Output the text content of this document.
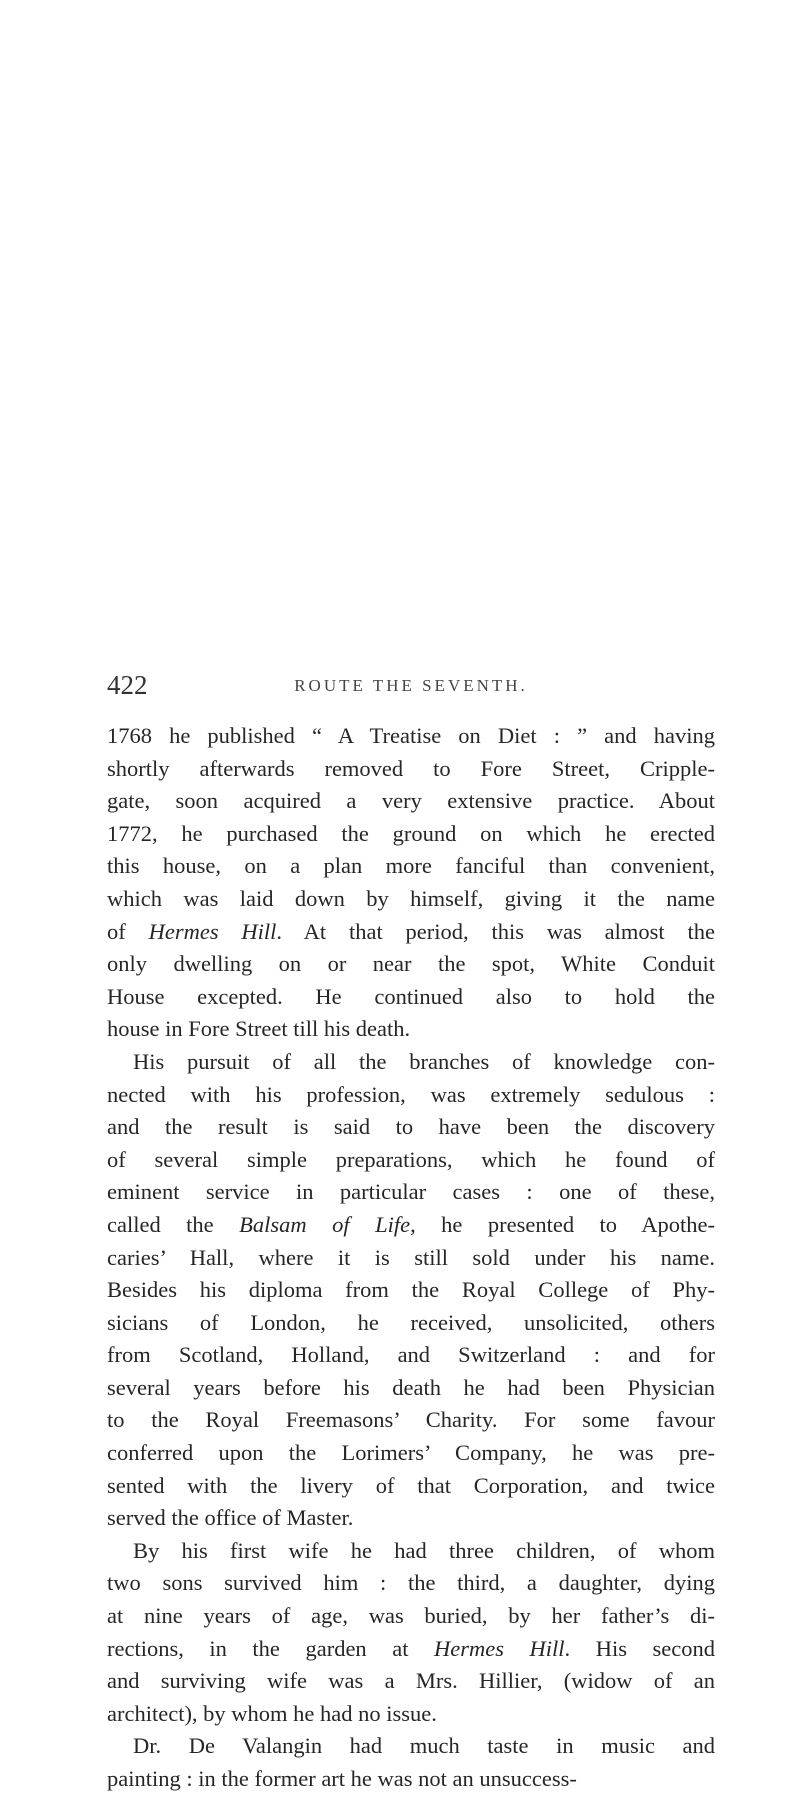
422	ROUTE THE SEVENTH.
1768 he published “ A Treatise on Diet : ” and having
shortly afterwards removed to Fore Street, Cripple-
gate, soon acquired a very extensive practice. About
1772, he purchased the ground on which he erected
this house, on a plan more fanciful than convenient,
which was laid down by himself, giving it the name
of Hermes Hill. At that period, this was almost the
only dwelling on or near the spot, White Conduit
House excepted. He continued also to hold the
house in Fore Street till his death.
His pursuit of all the branches of knowledge con-
nected with his profession, was extremely sedulous :
and the result is said to have been the discovery
of several simple preparations, which he found of
eminent service in particular cases : one of these,
called the Balsam of Life, he presented to Apothe-
caries’ Hall, where it is still sold under his name.
Besides his diploma from the Royal College of Phy-
sicians of London, he received, unsolicited, others
from Scotland, Holland, and Switzerland : and for
several years before his death he had been Physician
to the Royal Freemasons’ Charity. For some favour
conferred upon the Lorimers’ Company, he was pre-
sented with the livery of that Corporation, and twice
served the office of Master.
By his first wife he had three children, of whom
two sons survived him : the third, a daughter, dying
at nine years of age, was buried, by her father’s di-
rections, in the garden at Hermes Hill. His second
and surviving wife was a Mrs. Hillier, (widow of an
architect), by whom he had no issue.
Dr. De Valangin had much taste in music and
painting : in the former art he was not an unsuccess-
